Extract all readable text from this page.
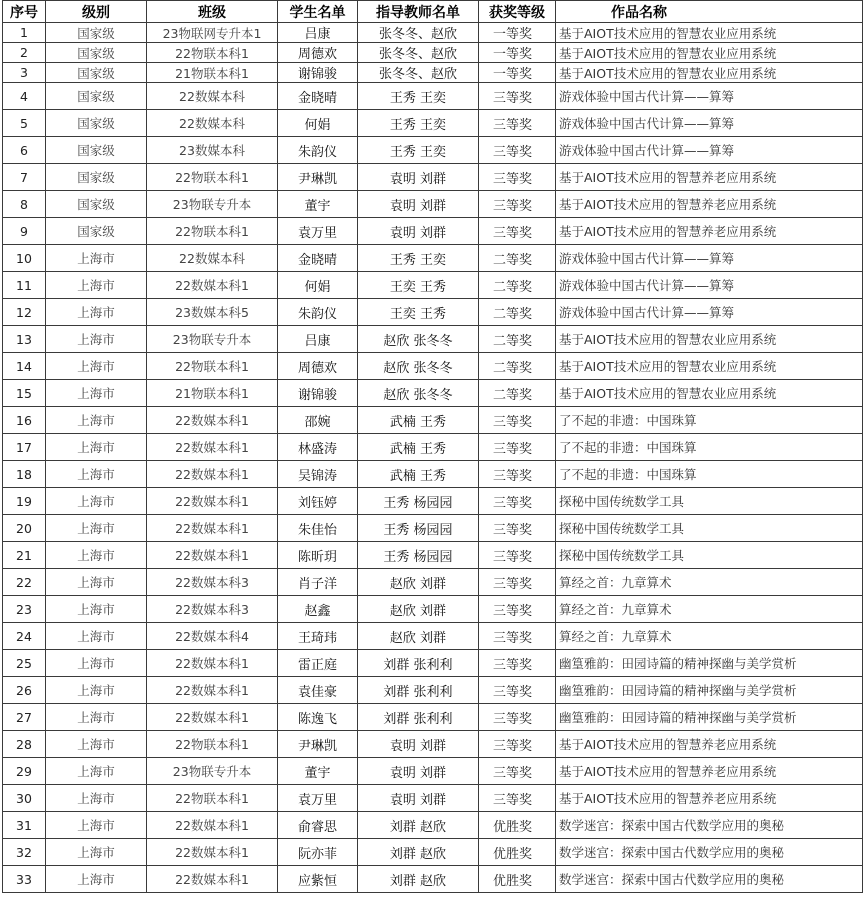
序号	级别	班级	学生名单	指导教师名单	获奖等级	作品名称
1	国家级	23物联网专升本1	吕康	张冬冬、赵欣	一等奖	基于AIOT技术应用的智慧农业应用系统
2	国家级	22物联本科1	周德欢	张冬冬、赵欣	一等奖	基于AIOT技术应用的智慧农业应用系统
3	国家级	21物联本科1	谢锦骏	张冬冬、赵欣	一等奖	基于AIOT技术应用的智慧农业应用系统
4	国家级	22数媒本科	金晓晴	王秀 王奕	三等奖	游戏体验中国古代计算——算筹
5	国家级	22数媒本科	何娟	王秀 王奕	三等奖	游戏体验中国古代计算——算筹
6	国家级	23数媒本科	朱韵仪	王秀 王奕	三等奖	游戏体验中国古代计算——算筹
7	国家级	22物联本科1	尹琳凯	袁明 刘群	三等奖	基于AIOT技术应用的智慧养老应用系统
8	国家级	23物联专升本	董宇	袁明 刘群	三等奖	基于AIOT技术应用的智慧养老应用系统
9	国家级	22物联本科1	袁万里	袁明 刘群	三等奖	基于AIOT技术应用的智慧养老应用系统
10	上海市	22数媒本科	金晓晴	王秀 王奕	二等奖	游戏体验中国古代计算——算筹
11	上海市	22数媒本科1	何娟	王奕 王秀	二等奖	游戏体验中国古代计算——算筹
12	上海市	23数媒本科5	朱韵仪	王奕 王秀	二等奖	游戏体验中国古代计算——算筹
13	上海市	23物联专升本	吕康	赵欣 张冬冬	二等奖	基于AIOT技术应用的智慧农业应用系统
14	上海市	22物联本科1	周德欢	赵欣 张冬冬	二等奖	基于AIOT技术应用的智慧农业应用系统
15	上海市	21物联本科1	谢锦骏	赵欣 张冬冬	二等奖	基于AIOT技术应用的智慧农业应用系统
16	上海市	22数媒本科1	邵婉	武楠 王秀	三等奖	了不起的非遗：中国珠算
17	上海市	22数媒本科1	林盛涛	武楠 王秀	三等奖	了不起的非遗：中国珠算
18	上海市	22数媒本科1	吴锦涛	武楠 王秀	三等奖	了不起的非遗：中国珠算
19	上海市	22数媒本科1	刘钰婷	王秀 杨园园	三等奖	探秘中国传统数学工具
20	上海市	22数媒本科1	朱佳怡	王秀 杨园园	三等奖	探秘中国传统数学工具
21	上海市	22数媒本科1	陈昕玥	王秀 杨园园	三等奖	探秘中国传统数学工具
22	上海市	22数媒本科3	肖子洋	赵欣 刘群	三等奖	算经之首：九章算术
23	上海市	22数媒本科3	赵鑫	赵欣 刘群	三等奖	算经之首：九章算术
24	上海市	22数媒本科4	王琦玮	赵欣 刘群	三等奖	算经之首：九章算术
25	上海市	22数媒本科1	雷正庭	刘群 张利利	三等奖	幽篁雅韵：田园诗篇的精神探幽与美学赏析
26	上海市	22数媒本科1	袁佳豪	刘群 张利利	三等奖	幽篁雅韵：田园诗篇的精神探幽与美学赏析
27	上海市	22数媒本科1	陈逸飞	刘群 张利利	三等奖	幽篁雅韵：田园诗篇的精神探幽与美学赏析
28	上海市	22物联本科1	尹琳凯	袁明 刘群	三等奖	基于AIOT技术应用的智慧养老应用系统
29	上海市	23物联专升本	董宇	袁明 刘群	三等奖	基于AIOT技术应用的智慧养老应用系统
30	上海市	22物联本科1	袁万里	袁明 刘群	三等奖	基于AIOT技术应用的智慧养老应用系统
31	上海市	22数媒本科1	俞睿思	刘群 赵欣	优胜奖	数学迷宫：探索中国古代数学应用的奥秘
32	上海市	22数媒本科1	阮亦菲	刘群 赵欣	优胜奖	数学迷宫：探索中国古代数学应用的奥秘
33	上海市	22数媒本科1	应紫恒	刘群 赵欣	优胜奖	数学迷宫：探索中国古代数学应用的奥秘
